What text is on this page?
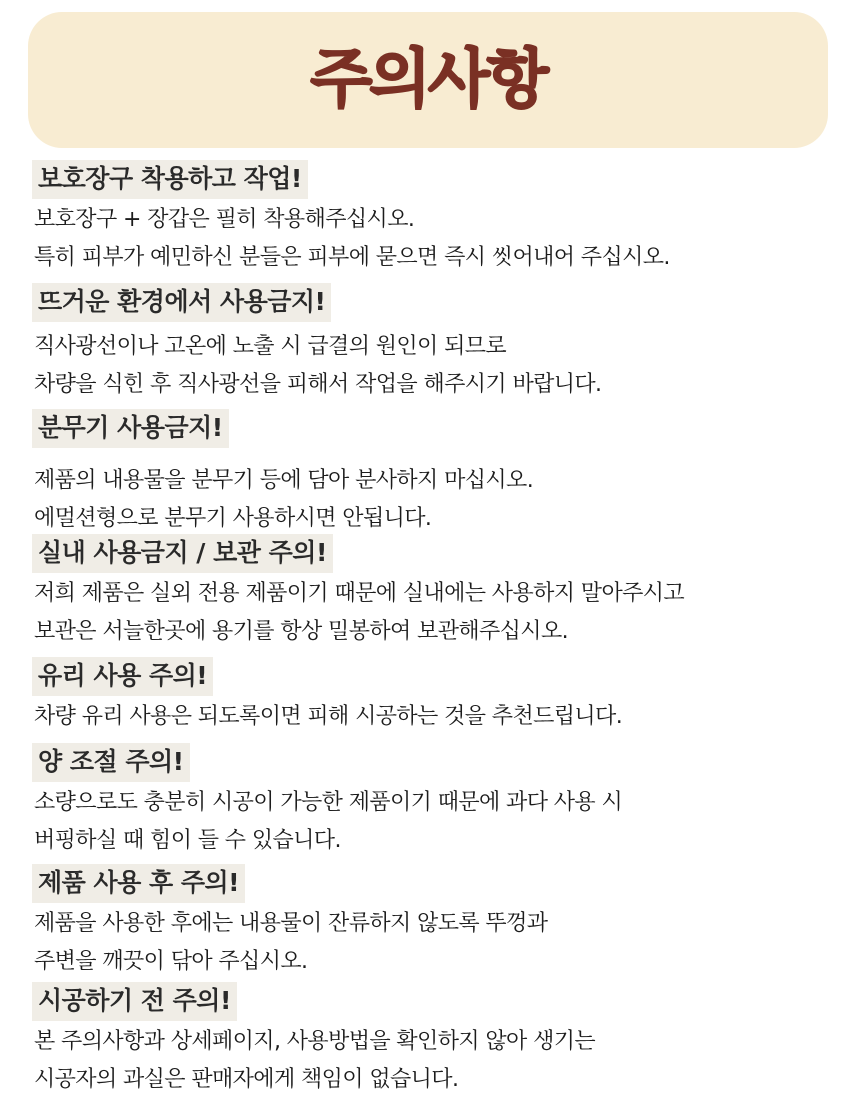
주의사항
보호장구 착용하고 작업!
보호장구 + 장갑은 필히 착용해주십시오.
특히 피부가 예민하신 분들은 피부에 묻으면 즉시 씻어내어 주십시오.
뜨거운 환경에서 사용금지!
직사광선이나 고온에 노출 시 급결의 원인이 되므로
차량을 식힌 후 직사광선을 피해서 작업을 해주시기 바랍니다.
분무기 사용금지!
제품의 내용물을 분무기 등에 담아 분사하지 마십시오.
에멀션형으로 분무기 사용하시면 안됩니다.
실내 사용금지 / 보관 주의!
저희 제품은 실외 전용 제품이기 때문에 실내에는 사용하지 말아주시고
보관은 서늘한곳에 용기를 항상 밀봉하여 보관해주십시오.
유리 사용 주의!
차량 유리 사용은 되도록이면 피해 시공하는 것을 추천드립니다.
양 조절 주의!
소량으로도 충분히 시공이 가능한 제품이기 때문에 과다 사용 시
버핑하실 때 힘이 들 수 있습니다.
제품 사용 후 주의!
제품을 사용한 후에는 내용물이 잔류하지 않도록 뚜껑과
주변을 깨끗이 닦아 주십시오.
시공하기 전 주의!
본 주의사항과 상세페이지, 사용방법을 확인하지 않아 생기는
시공자의 과실은 판매자에게 책임이 없습니다.
